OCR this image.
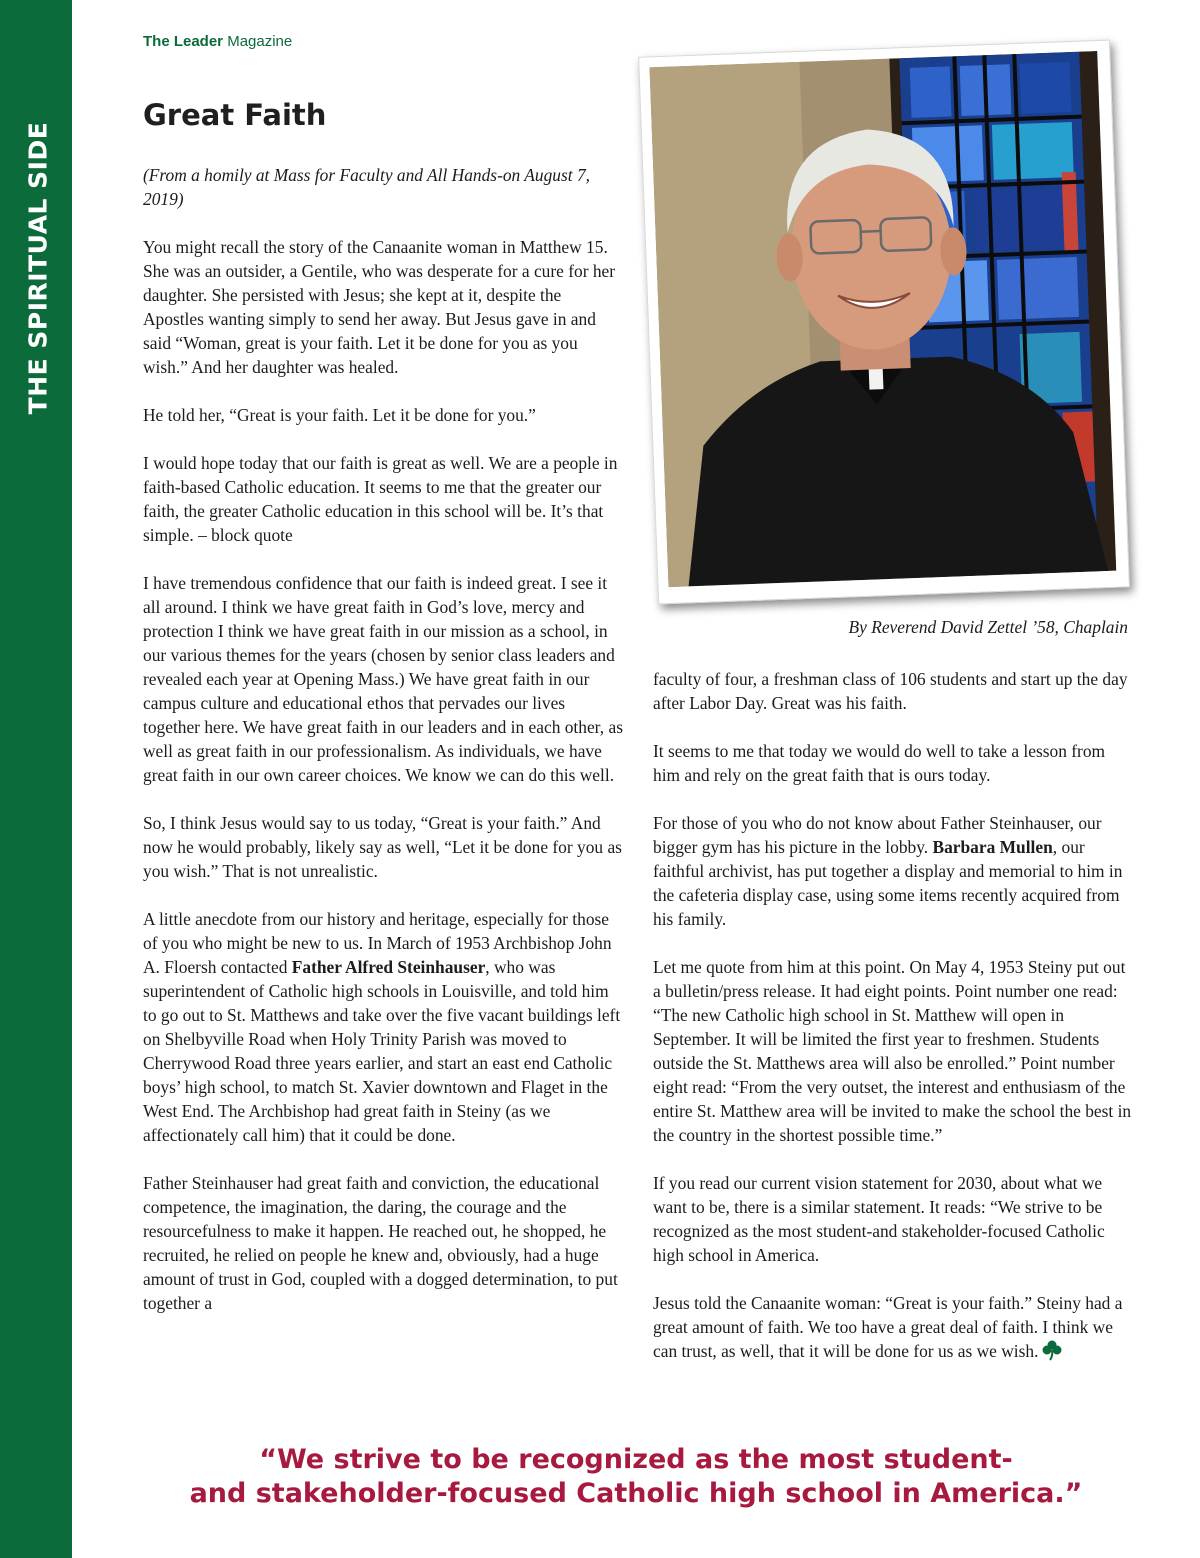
THE SPIRITUAL SIDE
10
The Leader Magazine
Great Faith

(From a homily at Mass for Faculty and All Hands-on August 7, 2019)

You might recall the story of the Canaanite woman in Matthew 15. She was an outsider, a Gentile, who was desperate for a cure for her daughter. She persisted with Jesus; she kept at it, despite the Apostles wanting simply to send her away. But Jesus gave in and said “Woman, great is your faith. Let it be done for you as you wish.” And her daughter was healed.

He told her, “Great is your faith. Let it be done for you.”

I would hope today that our faith is great as well. We are a people in faith-based Catholic education. It seems to me that the greater our faith, the greater Catholic education in this school will be. It’s that simple. – block quote

I have tremendous confidence that our faith is indeed great. I see it all around. I think we have great faith in God’s love, mercy and protection I think we have great faith in our mission as a school, in our various themes for the years (chosen by senior class leaders and revealed each year at Opening Mass.) We have great faith in our campus culture and educational ethos that pervades our lives together here. We have great faith in our leaders and in each other, as well as great faith in our professionalism. As individuals, we have great faith in our own career choices. We know we can do this well.

So, I think Jesus would say to us today, “Great is your faith.” And now he would probably, likely say as well, “Let it be done for you as you wish.” That is not unrealistic.

A little anecdote from our history and heritage, especially for those of you who might be new to us. In March of 1953 Archbishop John A. Floersh contacted Father Alfred Steinhauser, who was superintendent of Catholic high schools in Louisville, and told him to go out to St. Matthews and take over the five vacant buildings left on Shelbyville Road when Holy Trinity Parish was moved to Cherrywood Road three years earlier, and start an east end Catholic boys’ high school, to match St. Xavier downtown and Flaget in the West End. The Archbishop had great faith in Steiny (as we affectionately call him) that it could be done.

Father Steinhauser had great faith and conviction, the educational competence, the imagination, the daring, the courage and the resourcefulness to make it happen. He reached out, he shopped, he recruited, he relied on people he knew and, obviously, had a huge amount of trust in God, coupled with a dogged determination, to put together a

By Reverend David Zettel ’58, Chaplain

faculty of four, a freshman class of 106 students and start up the day after Labor Day. Great was his faith.

It seems to me that today we would do well to take a lesson from him and rely on the great faith that is ours today.

For those of you who do not know about Father Steinhauser, our bigger gym has his picture in the lobby. Barbara Mullen, our faithful archivist, has put together a display and memorial to him in the cafeteria display case, using some items recently acquired from his family.

Let me quote from him at this point. On May 4, 1953 Steiny put out a bulletin/press release. It had eight points. Point number one read: “The new Catholic high school in St. Matthew will open in September. It will be limited the first year to freshmen. Students outside the St. Matthews area will also be enrolled.” Point number eight read: “From the very outset, the interest and enthusiasm of the entire St. Matthew area will be invited to make the school the best in the country in the shortest possible time.”

If you read our current vision statement for 2030, about what we want to be, there is a similar statement. It reads: “We strive to be recognized as the most student-and stakeholder-focused Catholic high school in America.

Jesus told the Canaanite woman: “Great is your faith.” Steiny had a great amount of faith. We too have a great deal of faith. I think we can trust, as well, that it will be done for us as we wish.

“We strive to be recognized as the most student-
and stakeholder-focused Catholic high school in America.”
